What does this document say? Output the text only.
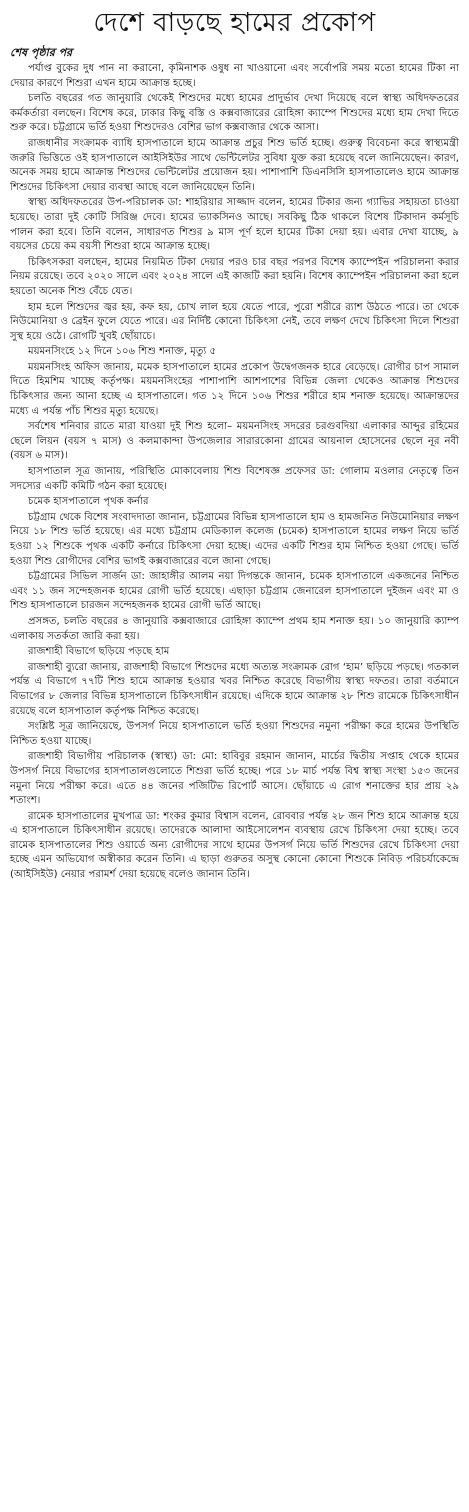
দেশে বাড়ছে হামের প্রকোপ
শেষ পৃষ্ঠার পর

পর্যাপ্ত বুকের দুধ পান না করানো, কৃমিনাশক ওষুধ না খাওয়ানো এবং সর্বোপরি সময় মতো হামের টিকা না দেয়ার কারণে শিশুরা এখন হামে আক্রান্ত হচ্ছে।

চলতি বছরের গত জানুয়ারি থেকেই শিশুদের মধ্যে হামের প্রাদুর্ভাব দেখা দিয়েছে বলে স্বাস্থ্য অধিদফতরের কর্মকর্তারা বলছেন। বিশেষ করে, ঢাকার কিছু বস্তি ও কক্সবাজারের রোহিঙ্গা ক্যাম্পে শিশুদের মধ্যে হাম দেখা দিতে শুরু করে। চট্টগ্রামে ভর্তি হওয়া শিশুদেরও বেশির ভাগ কক্সবাজার থেকে আসা।

রাজধানীর সংক্রামক ব্যাধি হাসপাতালে হামে আক্রান্ত প্রচুর শিশু ভর্তি হচ্ছে। গুরুত্ব বিবেচনা করে স্বাস্থ্যমন্ত্রী জরুরি ভিত্তিতে ওই হাসপাতালে আইসিইউর সাথে ভেন্টিলেটর সুবিধা যুক্ত করা হয়েছে বলে জানিয়েছেন। কারণ, অনেক সময় হামে আক্রান্ত শিশুদের ভেন্টিলেটর প্রয়োজন হয়। পাশাপাশি ডিএনসিসি হাসপাতালেও হামে আক্রান্ত শিশুদের চিকিৎসা দেয়ার ব্যবস্থা আছে বলে জানিয়েছেন তিনি।

স্বাস্থ্য অধিদফতরের উপ-পরিচালক ডা: শাহরিয়ার সাজ্জাদ বলেন, হামের টিকার জন্য গ্যাভির সহায়তা চাওয়া হয়েছে। তারা দুই কোটি সিরিঞ্জ দেবে। হামের ভ্যাকসিনও আছে। সবকিছু ঠিক থাকলে বিশেষ টিকাদান কর্মসূচি পালন করা হবে। তিনি বলেন, সাধারণত শিশুর ৯ মাস পূর্ণ হলে হামের টিকা দেয়া হয়। এবার দেখা যাচ্ছে, ৯ বয়সের চেয়ে কম বয়সী শিশুরা হামে আক্রান্ত হচ্ছে।

চিকিৎসকরা বলছেন, হামের নিয়মিত টিকা দেয়ার পরও চার বছর পরপর বিশেষ ক্যাম্পেইন পরিচালনা করার নিয়ম রয়েছে। তবে ২০২০ সালে এবং ২০২৪ সালে এই কাজটি করা হয়নি। বিশেষ ক্যাম্পেইন পরিচালনা করা হলে হয়তো অনেক শিশু বেঁচে যেত।

হাম হলে শিশুদের জ্বর হয়, কফ হয়, চোখ লাল হয়ে যেতে পারে, পুরো শরীরে র‌্যাশ উঠতে পারে। তা থেকে নিউমোনিয়া ও ব্রেইন ফুলে যেতে পারে। এর নির্দিষ্ট কোনো চিকিৎসা নেই, তবে লক্ষণ দেখে চিকিৎসা দিলে শিশুরা সুস্থ হয়ে ওঠে। রোগটি খুবই ছোঁয়াচে।

ময়মনসিংহে ১২ দিনে ১০৬ শিশু শনাক্ত, মৃত্যু ৫

ময়মনসিংহ অফিস জানায়, মমেক হাসপাতালে হামের প্রকোপ উদ্বেগজনক হারে বেড়েছে। রোগীর চাপ সামাল দিতে হিমশিম খাচ্ছে কর্তৃপক্ষ। ময়মনসিংহের পাশাপাশি আশপাশের বিভিন্ন জেলা থেকেও আক্রান্ত শিশুদের চিকিৎসার জন্য আনা হচ্ছে এ হাসপাতালে। গত ১২ দিনে ১০৬ শিশুর শরীরে হাম শনাক্ত হয়েছে। আক্রান্তদের মধ্যে এ পর্যন্ত পাঁচ শিশুর মৃত্যু হয়েছে।

সর্বশেষ শনিবার রাতে মারা যাওয়া দুই শিশু হলো– ময়মনসিংহ সদরের চরগুবদিয়া এলাকার আব্দুর রহিমের ছেলে লিয়ন (বয়স ৭ মাস) ও কলমাকান্দা উপজেলার সারারকোনা গ্রামের আয়নাল হোসেনের ছেলে নূর নবী (বয়স ৬ মাস)।

হাসপাতাল সূত্র জানায়, পরিস্থিতি মোকাবেলায় শিশু বিশেষজ্ঞ প্রফেসর ডা: গোলাম মওলার নেতৃত্বে তিন সদস্যের একটি কমিটি গঠন করা হয়েছে।

চমেক হাসপাতালে পৃথক কর্নার

চট্টগ্রাম থেকে বিশেষ সংবাদদাতা জানান, চট্টগ্রামের বিভিন্ন হাসপাতালে হাম ও হামজনিত নিউমোনিয়ার লক্ষণ নিয়ে ১৮ শিশু ভর্তি হয়েছে। এর মধ্যে চট্টগ্রাম মেডিক্যাল কলেজ (চমেক) হাসপাতালে হামের লক্ষণ নিয়ে ভর্তি হওয়া ১২ শিশুকে পৃথক একটি কর্নারে চিকিৎসা দেয়া হচ্ছে। এদের একটি শিশুর হাম নিশ্চিত হওয়া গেছে। ভর্তি হওয়া শিশু রোগীদের বেশির ভাগই কক্সবাজারের বলে জানা গেছে।

চট্টগ্রামের সিভিল সার্জন ডা: জাহাঙ্গীর আলম নয়া দিগন্তকে জানান, চমেক হাসপাতালে একজনের নিশ্চিত এবং ১১ জন সন্দেহজনক হামের রোগী ভর্তি হয়েছে। এছাড়া চট্টগ্রাম জেনারেল হাসপাতালে দুইজন এবং মা ও শিশু হাসপাতালে চারজন সন্দেহজনক হামের রোগী ভর্তি আছে।

প্রসঙ্গত, চলতি বছরের ৪ জানুয়ারি কক্সবাজারে রোহিঙ্গা ক্যাম্পে প্রথম হাম শনাক্ত হয়। ১০ জানুয়ারি ক্যাম্প এলাকায় সতর্কতা জারি করা হয়।

রাজশাহী বিভাগে ছড়িয়ে পড়ছে হাম

রাজশাহী ব্যুরো জানায়, রাজশাহী বিভাগে শিশুদের মধ্যে অত্যন্ত সংক্রামক রোগ ‘হাম’ ছড়িয়ে পড়ছে। গতকাল পর্যন্ত এ বিভাগে ৭৭টি শিশু হামে আক্রান্ত হওয়ার খবর নিশ্চিত করেছে বিভাগীয় স্বাস্থ্য দফতর। তারা বর্তমানে বিভাগের ৮ জেলার বিভিন্ন হাসপাতালে চিকিৎসাধীন রয়েছে। এদিকে হামে আক্রান্ত ২৮ শিশু রামেকে চিকিৎসাধীন রয়েছে বলে হাসপাতাল কর্তৃপক্ষ নিশ্চিত করেছে।

সংশ্লিষ্ট সূত্র জানিয়েছে, উপসর্গ নিয়ে হাসপাতালে ভর্তি হওয়া শিশুদের নমুনা পরীক্ষা করে হামের উপস্থিতি নিশ্চিত হওয়া যাচ্ছে।

রাজশাহী বিভাগীয় পরিচালক (স্বাস্থ্য) ডা: মো: হাবিবুর রহমান জানান, মার্চের দ্বিতীয় সপ্তাহ থেকে হামের উপসর্গ নিয়ে বিভাগের হাসপাতালগুলোতে শিশুরা ভর্তি হচ্ছে। পরে ১৮ মার্চ পর্যন্ত বিশ্ব স্বাস্থ্য সংস্থা ১৫৩ জনের নমুনা নিয়ে পরীক্ষা করে। এতে ৪৪ জনের পজিটিভ রিপোর্ট আসে। ছোঁয়াচে এ রোগ শনাক্তের হার প্রায় ২৯ শতাংশ।

রামেক হাসপাতালের মুখপাত্র ডা: শংকর কুমার বিশ্বাস বলেন, রোববার পর্যন্ত ২৮ জন শিশু হামে আক্রান্ত হয়ে এ হাসপাতালে চিকিৎসাধীন রয়েছে। তাদেরকে আলাদা আইসোলেশন ব্যবস্থায় রেখে চিকিৎসা দেয়া হচ্ছে। তবে রামেক হাসপাতালের শিশু ওয়ার্ডে অন্য রোগীদের সাথে হামের উপসর্গ নিয়ে ভর্তি শিশুদের রেখে চিকিৎসা দেয়া হচ্ছে এমন অভিযোগ অস্বীকার করেন তিনি। এ ছাড়া গুরুতর অসুস্থ কোনো কোনো শিশুকে নিবিড় পরিচর্যাকেন্দ্রে (আইসিইউ) নেয়ার পরামর্শ দেয়া হয়েছে বলেও জানান তিনি।
